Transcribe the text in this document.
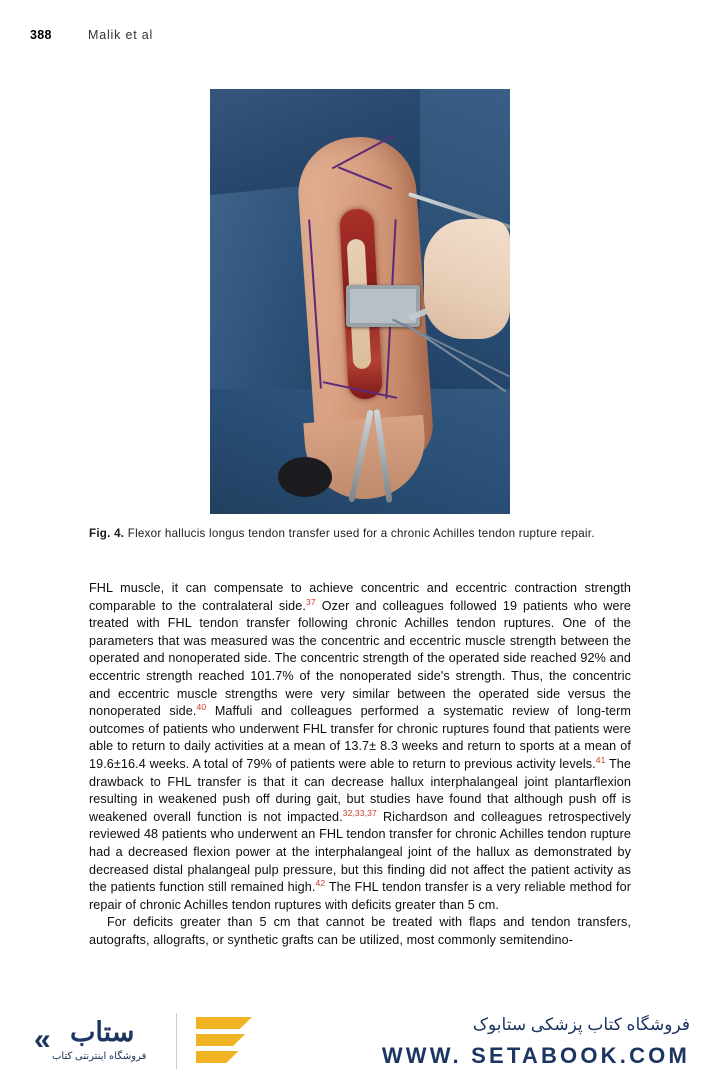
388	Malik et al
Fig. 4. Flexor hallucis longus tendon transfer used for a chronic Achilles tendon rupture repair.

FHL muscle, it can compensate to achieve concentric and eccentric contraction strength comparable to the contralateral side.$^{37}$ Ozer and colleagues followed 19 patients who were treated with FHL tendon transfer following chronic Achilles tendon ruptures. One of the parameters that was measured was the concentric and eccentric muscle strength between the operated and nonoperated side. The concentric strength of the operated side reached 92% and eccentric strength reached 101.7% of the nonoperated side's strength. Thus, the concentric and eccentric muscle strengths were very similar between the operated side versus the nonoperated side.$^{40}$ Maffuli and colleagues performed a systematic review of long-term outcomes of patients who underwent FHL transfer for chronic ruptures found that patients were able to return to daily activities at a mean of 13.7± 8.3 weeks and return to sports at a mean of 19.6±16.4 weeks. A total of 79% of patients were able to return to previous activity levels.$^{41}$ The drawback to FHL transfer is that it can decrease hallux interphalangeal joint plantarflexion resulting in weakened push off during gait, but studies have found that although push off is weakened overall function is not impacted.$^{32,33,37}$ Richardson and colleagues retrospectively reviewed 48 patients who underwent an FHL tendon transfer for chronic Achilles tendon rupture had a decreased flexion power at the interphalangeal joint of the hallux as demonstrated by decreased distal phalangeal pulp pressure, but this finding did not affect the patient activity as the patients function still remained high.$^{42}$ The FHL tendon transfer is a very reliable method for repair of chronic Achilles tendon ruptures with deficits greater than 5 cm.

For deficits greater than 5 cm that cannot be treated with flaps and tendon transfers, autografts, allografts, or synthetic grafts can be utilized, most commonly semitendino-

« ستاب
فروشگاه اینترنتی کتاب
فروشگاه کتاب پزشکی ستابوک
WWW. SETABOOK.COM
